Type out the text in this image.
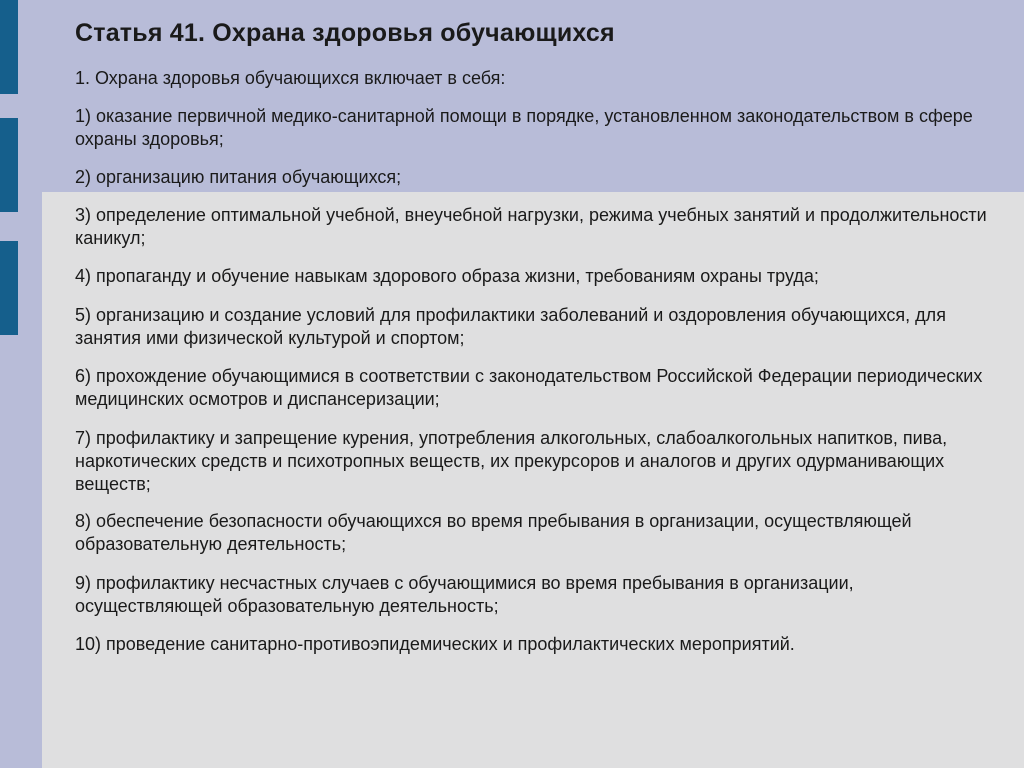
Статья 41. Охрана здоровья обучающихся

1. Охрана здоровья обучающихся включает в себя:

1) оказание первичной медико-санитарной помощи в порядке, установленном законодательством в сфере охраны здоровья;

2) организацию питания обучающихся;

3) определение оптимальной учебной, внеучебной нагрузки, режима учебных занятий и продолжительности каникул;

4) пропаганду и обучение навыкам здорового образа жизни, требованиям охраны труда;

5) организацию и создание условий для профилактики заболеваний и оздоровления обучающихся, для занятия ими физической культурой и спортом;

6) прохождение обучающимися в соответствии с законодательством Российской Федерации периодических медицинских осмотров и диспансеризации;

7) профилактику и запрещение курения, употребления алкогольных, слабоалкогольных напитков, пива, наркотических средств и психотропных веществ, их прекурсоров и аналогов и других одурманивающих веществ;

8) обеспечение безопасности обучающихся во время пребывания в организации, осуществляющей образовательную деятельность;

9) профилактику несчастных случаев с обучающимися во время пребывания в организации, осуществляющей образовательную деятельность;

10) проведение санитарно-противоэпидемических и профилактических мероприятий.
